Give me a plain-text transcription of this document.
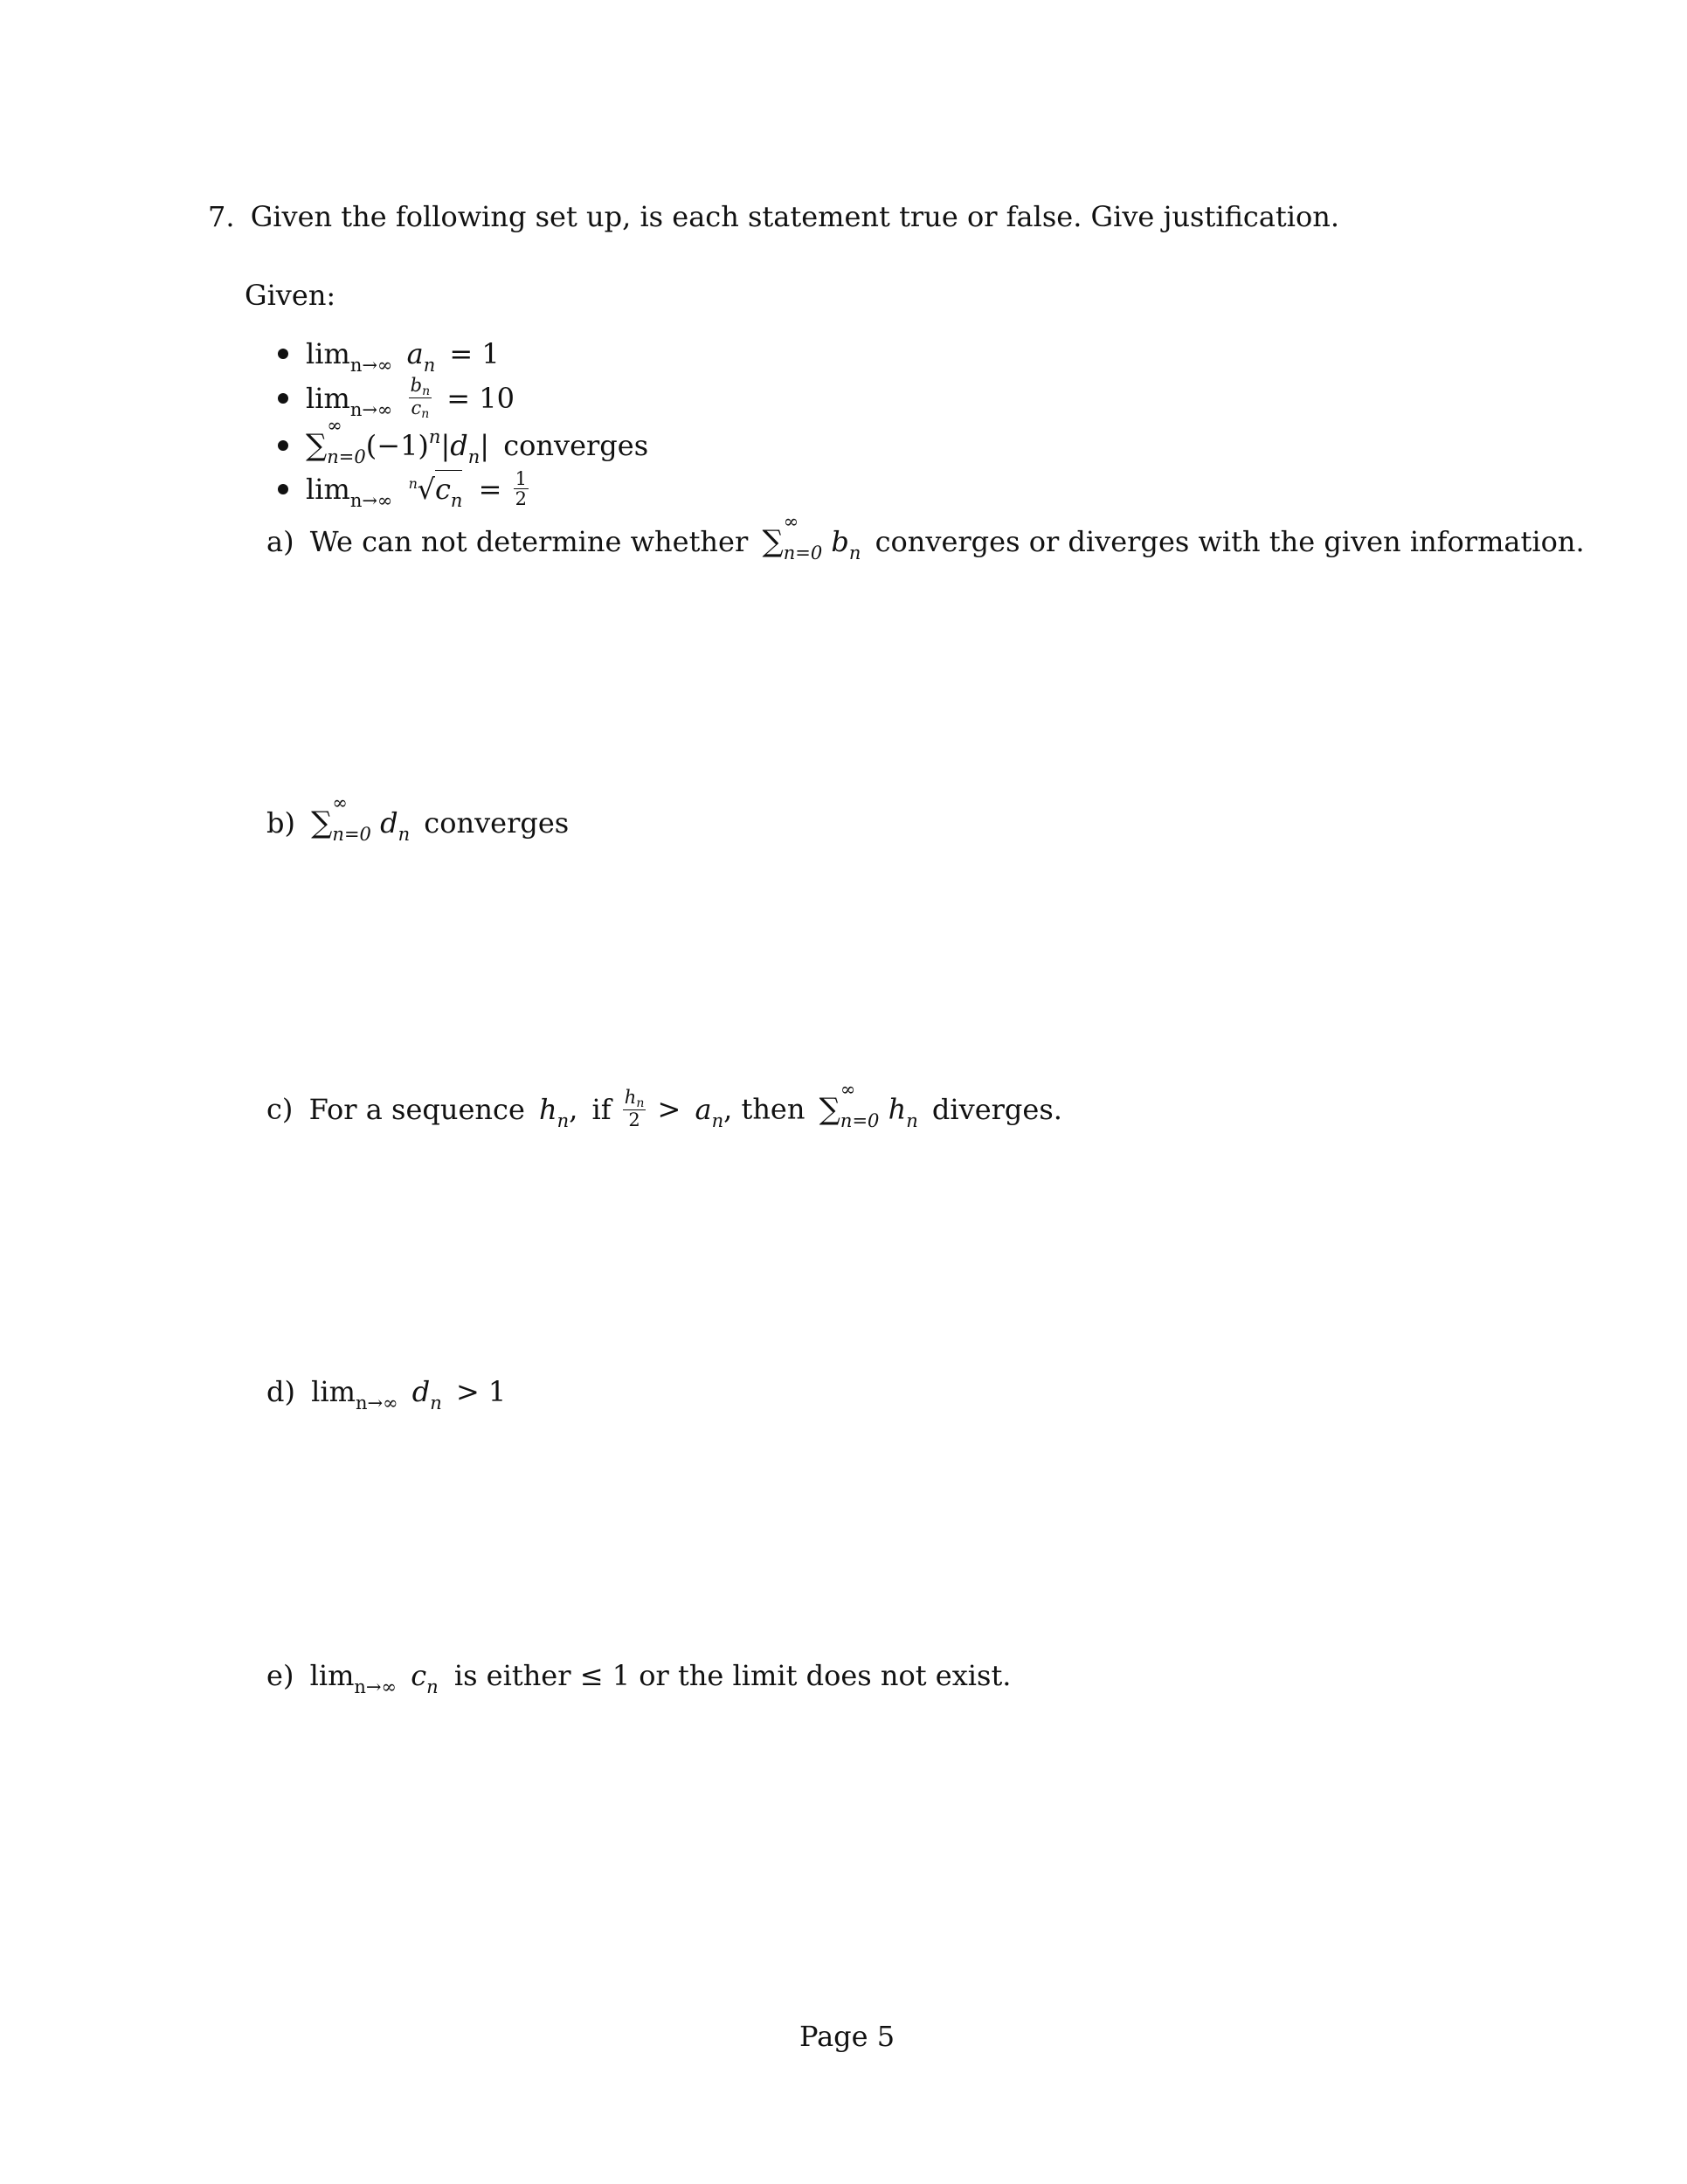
7. Given the following set up, is each statement true or false. Give justification.
Given:
$\lim_{n\to\infty} a_n = 1$
$\lim_{n\to\infty} \frac{bn}{cn} = 10$
∑
∞
$n=0(-1)^n|d_n|$ converges
$\lim_{n\to\infty}$
n $√c_n = \frac{1}{2}$
a) We can not determine whether ∑
∞
n=0 $b_n$ converges or diverges with the given information.
b) ∑
∞
n=0 $d_n$ converges
c) For a sequence $h_n$, if $\frac{hn}{2} > a_n$, then ∑
∞
n=0 $h_n$ diverges.
d) $\lim_{n\to\infty} d_n > 1$
e) $\lim_{n\to\infty} c_n$ is either ≤ 1 or the limit does not exist.
Page 5
